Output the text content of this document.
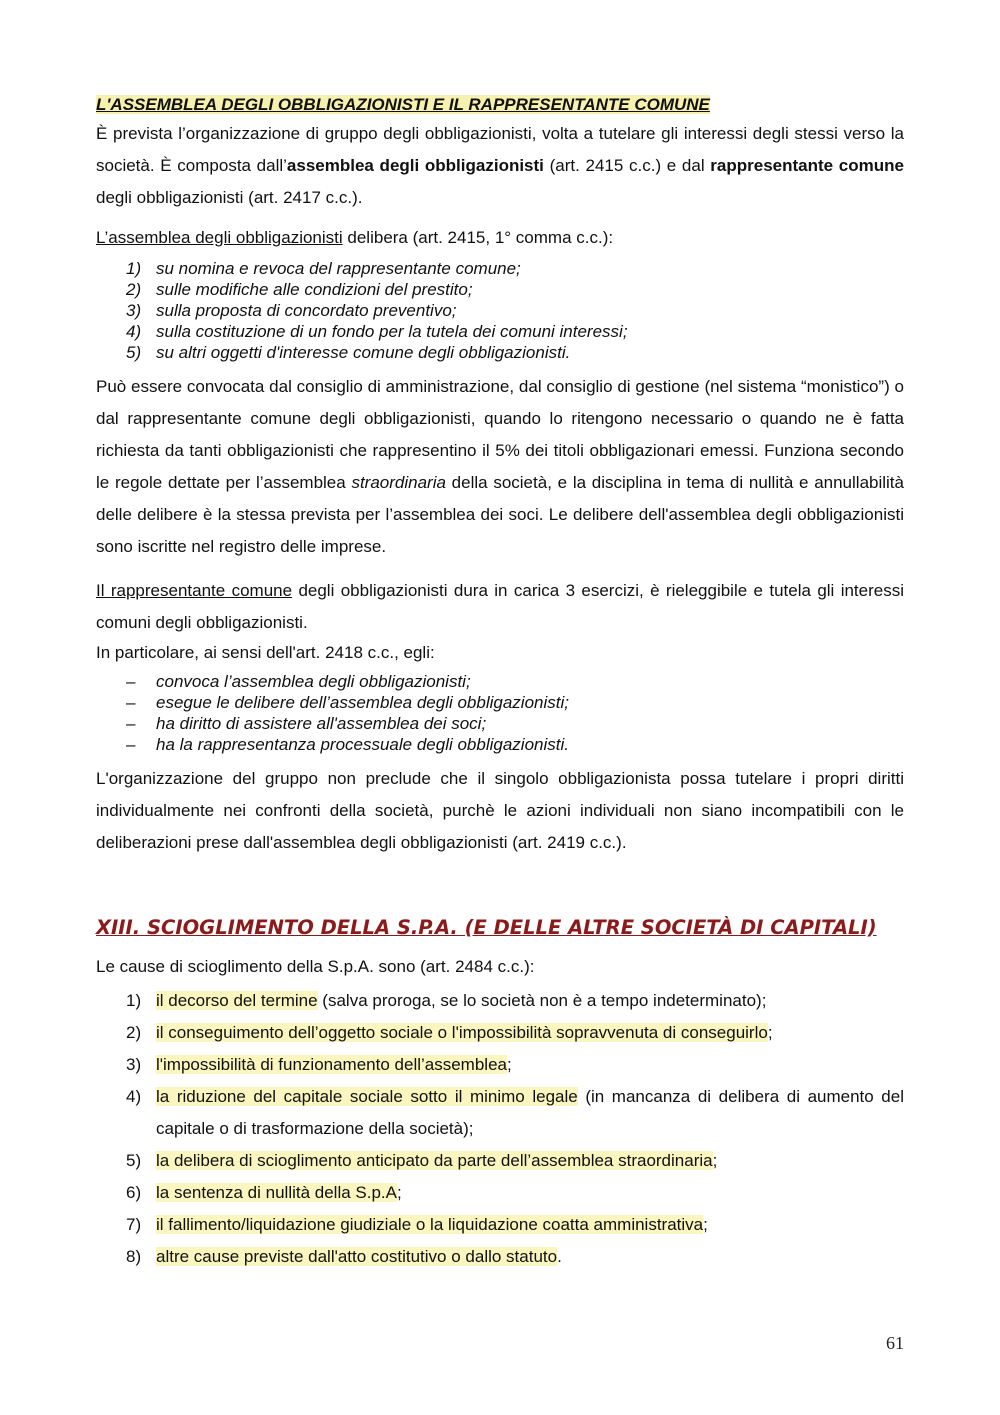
L'ASSEMBLEA DEGLI OBBLIGAZIONISTI E IL RAPPRESENTANTE COMUNE

È prevista l’organizzazione di gruppo degli obbligazionisti, volta a tutelare gli interessi degli stessi verso la società. È composta dall’assemblea degli obbligazionisti (art. 2415 c.c.) e dal rappresentante comune degli obbligazionisti (art. 2417 c.c.).

L’assemblea degli obbligazionisti delibera (art. 2415, 1° comma c.c.):

1) su nomina e revoca del rappresentante comune;
2) sulle modifiche alle condizioni del prestito;
3) sulla proposta di concordato preventivo;
4) sulla costituzione di un fondo per la tutela dei comuni interessi;
5) su altri oggetti d'interesse comune degli obbligazionisti.

Può essere convocata dal consiglio di amministrazione, dal consiglio di gestione (nel sistema “monistico”) o dal rappresentante comune degli obbligazionisti, quando lo ritengono necessario o quando ne è fatta richiesta da tanti obbligazionisti che rappresentino il 5% dei titoli obbligazionari emessi. Funziona secondo le regole dettate per l’assemblea straordinaria della società, e la disciplina in tema di nullità e annullabilità delle delibere è la stessa prevista per l’assemblea dei soci. Le delibere dell'assemblea degli obbligazionisti sono iscritte nel registro delle imprese.

Il rappresentante comune degli obbligazionisti dura in carica 3 esercizi, è rieleggibile e tutela gli interessi comuni degli obbligazionisti.

In particolare, ai sensi dell'art. 2418 c.c., egli:

– convoca l’assemblea degli obbligazionisti;
– esegue le delibere dell’assemblea degli obbligazionisti;
– ha diritto di assistere all'assemblea dei soci;
– ha la rappresentanza processuale degli obbligazionisti.

L'organizzazione del gruppo non preclude che il singolo obbligazionista possa tutelare i propri diritti individualmente nei confronti della società, purchè le azioni individuali non siano incompatibili con le deliberazioni prese dall'assemblea degli obbligazionisti (art. 2419 c.c.).

XIII. SCIOGLIMENTO DELLA S.P.A. (E DELLE ALTRE SOCIETÀ DI CAPITALI)

Le cause di scioglimento della S.p.A. sono (art. 2484 c.c.):

1) il decorso del termine (salva proroga, se lo società non è a tempo indeterminato);
2) il conseguimento dell’oggetto sociale o l'impossibilità sopravvenuta di conseguirlo;
3) l'impossibilità di funzionamento dell’assemblea;
4) la riduzione del capitale sociale sotto il minimo legale (in mancanza di delibera di aumento del capitale o di trasformazione della società);
5) la delibera di scioglimento anticipato da parte dell’assemblea straordinaria;
6) la sentenza di nullità della S.p.A;
7) il fallimento/liquidazione giudiziale o la liquidazione coatta amministrativa;
8) altre cause previste dall'atto costitutivo o dallo statuto.
61
